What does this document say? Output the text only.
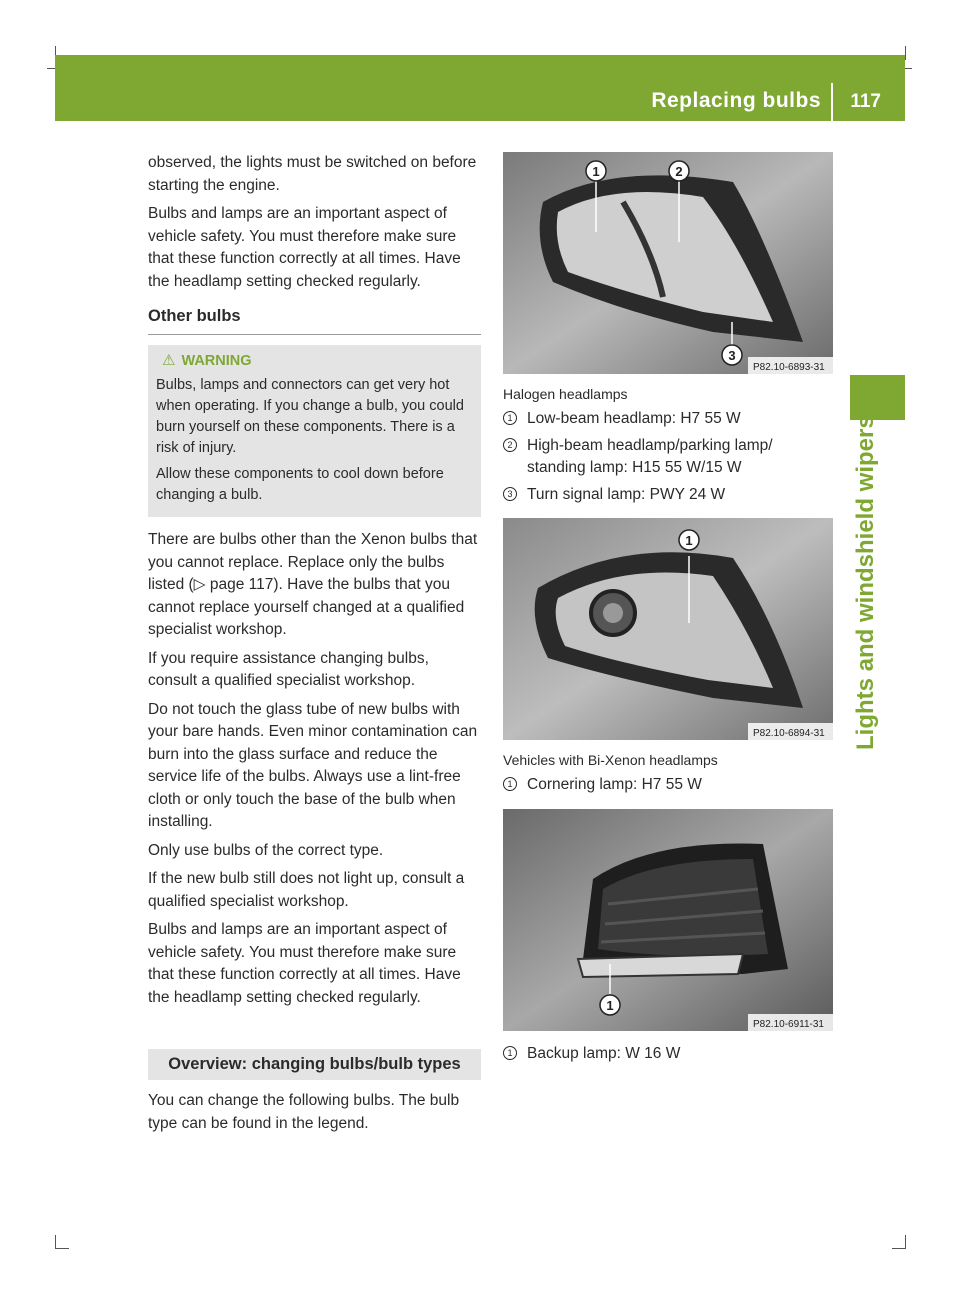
Replacing bulbs 117
Lights and windshield wipers

observed, the lights must be switched on before starting the engine.

Bulbs and lamps are an important aspect of vehicle safety. You must therefore make sure that these function correctly at all times. Have the headlamp setting checked regularly.

Other bulbs
⚠ WARNING

Bulbs, lamps and connectors can get very hot when operating. If you change a bulb, you could burn yourself on these components. There is a risk of injury.

Allow these components to cool down before changing a bulb.

There are bulbs other than the Xenon bulbs that you cannot replace. Replace only the bulbs listed (▷ page 117). Have the bulbs that you cannot replace yourself changed at a qualified specialist workshop.

If you require assistance changing bulbs, consult a qualified specialist workshop.

Do not touch the glass tube of new bulbs with your bare hands. Even minor contamination can burn into the glass surface and reduce the service life of the bulbs. Always use a lint-free cloth or only touch the base of the bulb when installing.

Only use bulbs of the correct type.

If the new bulb still does not light up, consult a qualified specialist workshop.

Bulbs and lamps are an important aspect of vehicle safety. You must therefore make sure that these function correctly at all times. Have the headlamp setting checked regularly.

Overview: changing bulbs/bulb types

You can change the following bulbs. The bulb type can be found in the legend.

1	2
3
P82.10-6893-31
Halogen headlamps
1 Low-beam headlamp: H7 55 W
2 High-beam headlamp/parking lamp/ standing lamp: H15 55 W/15 W
3 Turn signal lamp: PWY 24 W
1
P82.10-6894-31
Vehicles with Bi-Xenon headlamps
1 Cornering lamp: H7 55 W
1
P82.10-6911-31
1 Backup lamp: W 16 W
